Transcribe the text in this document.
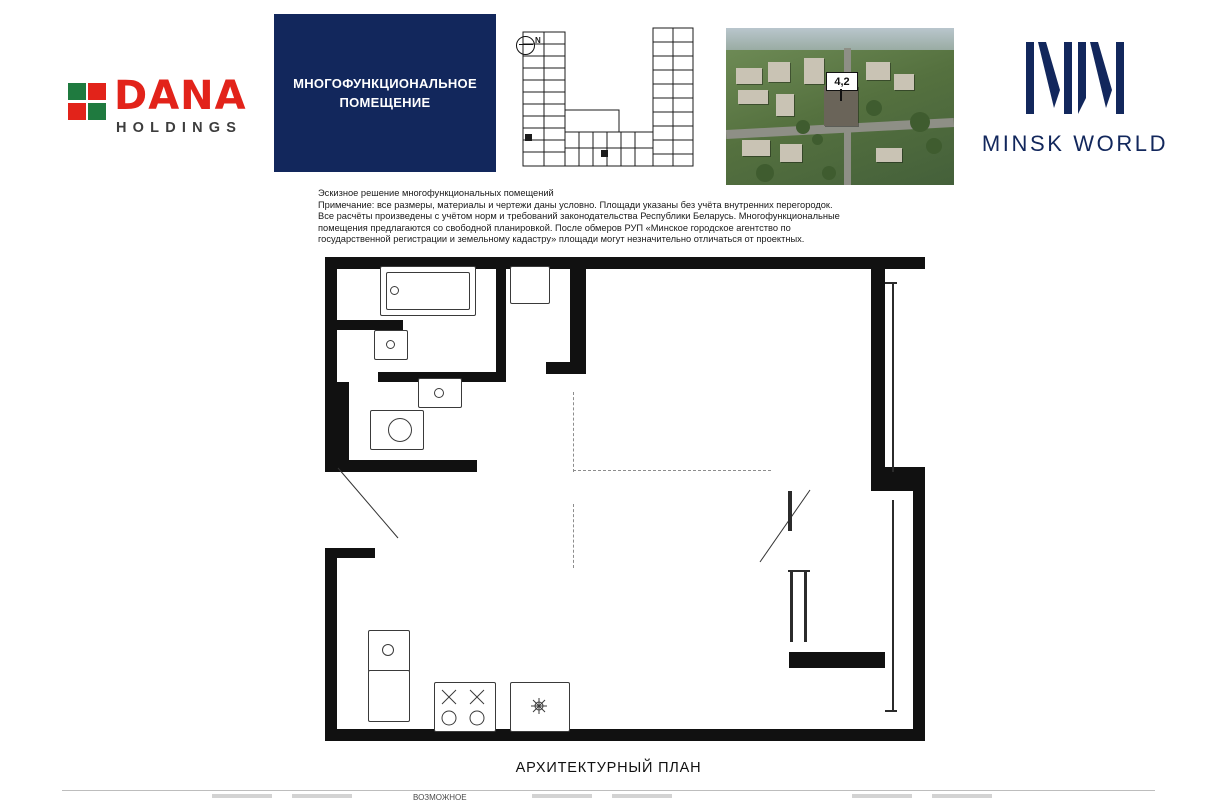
DANA
HOLDINGS
МНОГОФУНКЦИОНАЛЬНОЕ
ПОМЕЩЕНИЕ
N
4,2
MINSK WORLD
Эскизное решение многофункциональных помещений
Примечание: все размеры, материалы и чертежи даны условно. Площади указаны без учёта внутренних перегородок.
Все расчёты произведены с учётом норм и требований законодательства Республики Беларусь. Многофункциональные
помещения предлагаются со свободной планировкой. После обмеров РУП «Минское городское агентство по
государственной регистрации и земельному кадастру» площади могут незначительно отличаться от проектных.
АРХИТЕКТУРНЫЙ ПЛАН
ВОЗМОЖНОЕ
